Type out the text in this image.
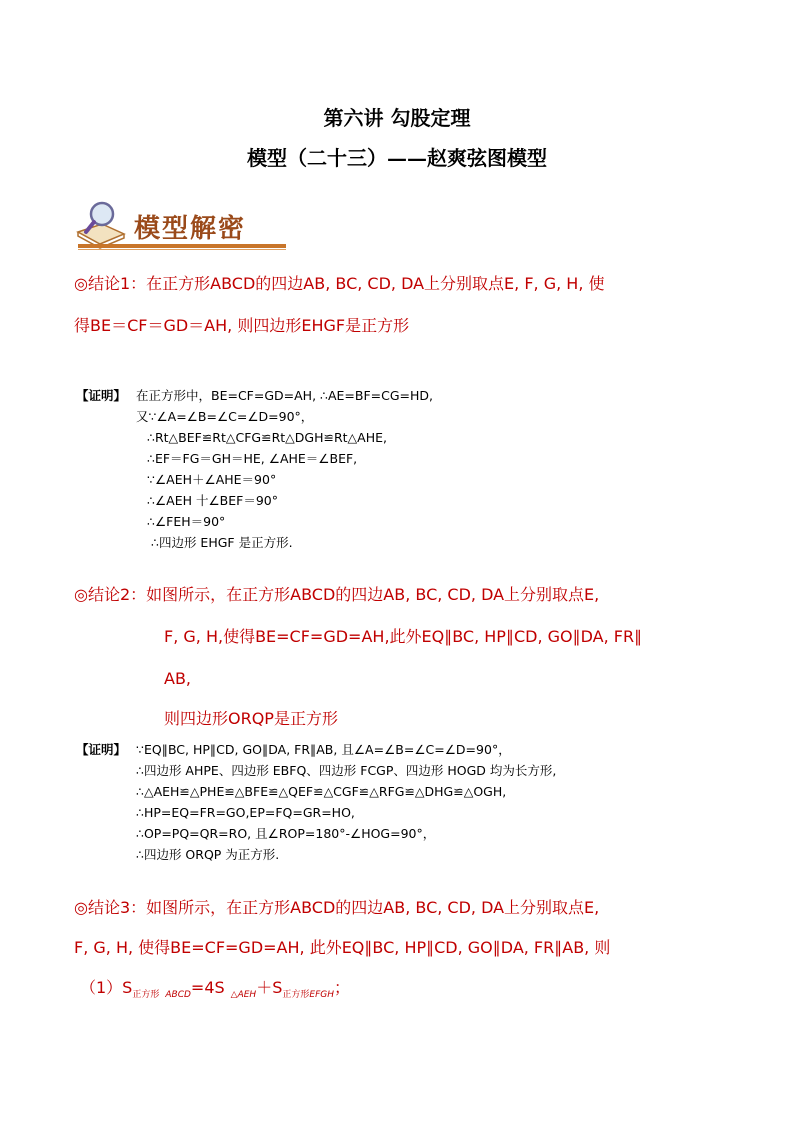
第六讲 勾股定理
模型（二十三）——赵爽弦图模型
模型解密
◎结论1：在正方形ABCD的四边AB, BC, CD, DA上分别取点E, F, G, H, 使
得BE＝CF＝GD＝AH, 则四边形EHGF是正方形
【证明】 在正方形中，BE=CF=GD=AH, ∴AE=BF=CG=HD,
又∵∠A=∠B=∠C=∠D=90°，
∴Rt△BEF≌Rt△CFG≌Rt△DGH≌Rt△AHE,
∴EF＝FG＝GH＝HE, ∠AHE＝∠BEF,
∵∠AEH＋∠AHE＝90°
∴∠AEH 十∠BEF＝90°
∴∠FEH＝90°
∴四边形 EHGF 是正方形.
◎结论2：如图所示，在正方形ABCD的四边AB, BC, CD, DA上分别取点E,
F, G, H,使得BE=CF=GD=AH,此外EQ∥BC, HP∥CD, GO∥DA, FR∥
AB,
则四边形ORQP是正方形
【证明】 ∵EQ∥BC, HP∥CD, GO∥DA, FR∥AB, 且∠A=∠B=∠C=∠D=90°，
∴四边形 AHPE、四边形 EBFQ、四边形 FCGP、四边形 HOGD 均为长方形,
∴△AEH≌△PHE≌△BFE≌△QEF≌△CGF≌△RFG≌△DHG≌△OGH,
∴HP=EQ=FR=GO,EP=FQ=GR=HO,
∴OP=PQ=QR=RO, 且∠ROP=180°-∠HOG=90°，
∴四边形 ORQP 为正方形.
◎结论3：如图所示，在正方形ABCD的四边AB, BC, CD, DA上分别取点E,
F, G, H, 使得BE=CF=GD=AH, 此外EQ∥BC, HP∥CD, GO∥DA, FR∥AB, 则
$(1)S_{正方形}$ $_{ABCD}$=4S $_{\triangle AEH}+S_{正方形EFGH}$；
